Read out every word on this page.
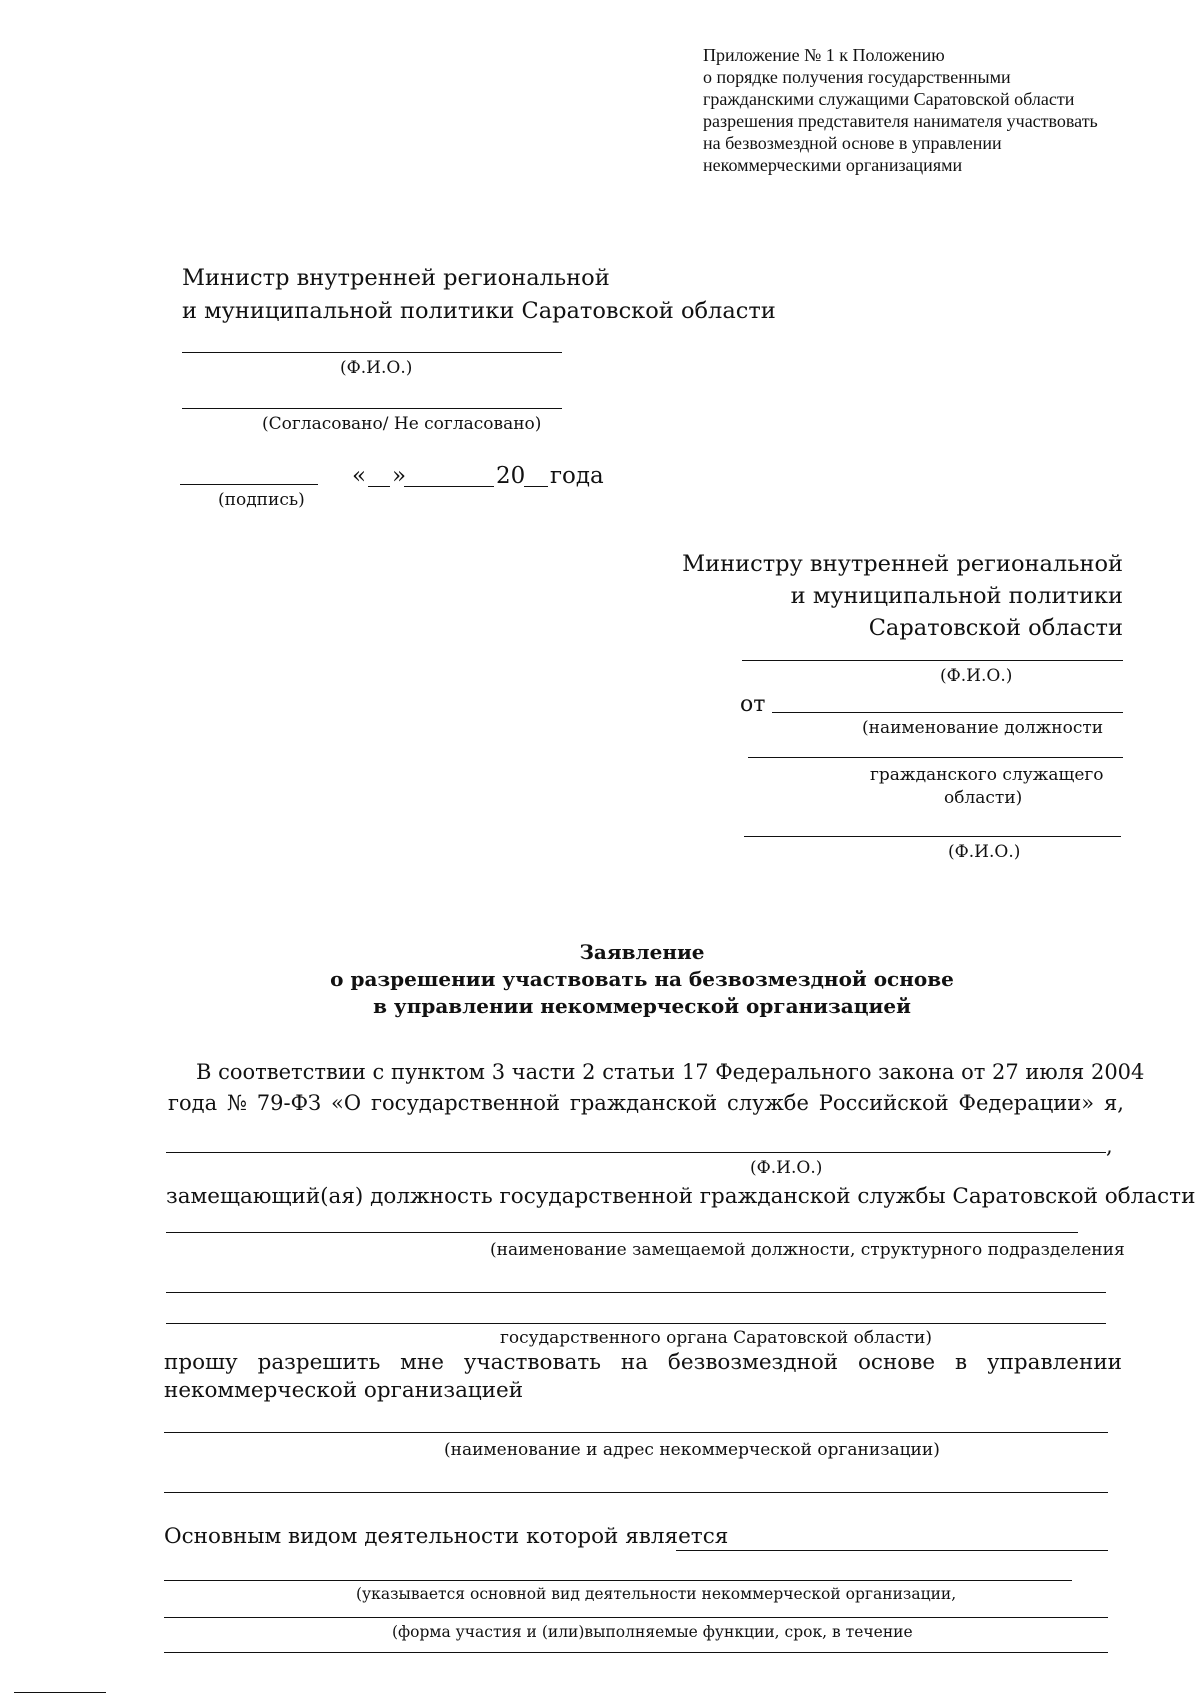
Приложение № 1 к Положению
о порядке получения государственными
гражданскими служащими Саратовской области
разрешения представителя нанимателя участвовать
на безвозмездной основе в управлении
некоммерческими организациями
Министр внутренней региональной
и муниципальной политики Саратовской области
(Ф.И.О.)
(Согласовано/ Не согласовано)
(подпись)
« »	20 года
Министру внутренней региональной
и муниципальной политики
Саратовской области
(Ф.И.О.)
от
(наименование должности
гражданского служащего
области)
(Ф.И.О.)
Заявление
о разрешении участвовать на безвозмездной основе
в управлении некоммерческой организацией
В соответствии с пунктом 3 части 2 статьи 17 Федерального закона от 27 июля 2004
года № 79-ФЗ «О государственной гражданской службе Российской Федерации» я,
,
(Ф.И.О.)
замещающий(ая) должность государственной гражданской службы Саратовской области
(наименование замещаемой должности, структурного подразделения
государственного органа Саратовской области)
прошу разрешить мне участвовать на безвозмездной основе в управлении
некоммерческой организацией
(наименование и адрес некоммерческой организации)
Основным видом деятельности которой является
(указывается основной вид деятельности некоммерческой организации,
(форма участия и (или)выполняемые функции, срок, в течение
